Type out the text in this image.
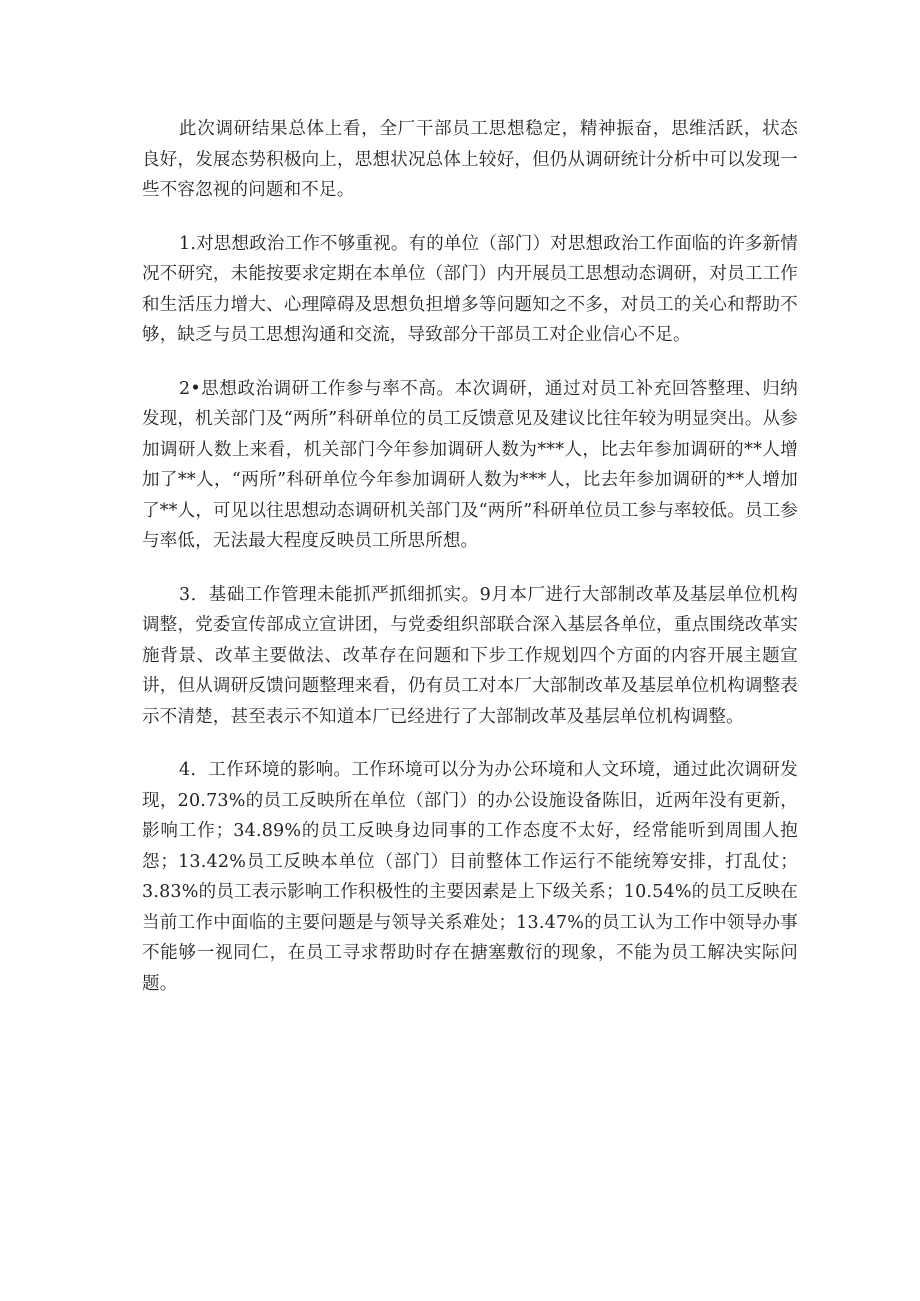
此次调研结果总体上看，全厂干部员工思想稳定，精神振奋，思维活跃，状态良好，发展态势积极向上，思想状况总体上较好，但仍从调研统计分析中可以发现一些不容忽视的问题和不足。

1.对思想政治工作不够重视。有的单位（部门）对思想政治工作面临的许多新情况不研究，未能按要求定期在本单位（部门）内开展员工思想动态调研，对员工工作和生活压力增大、心理障碍及思想负担增多等问题知之不多，对员工的关心和帮助不够，缺乏与员工思想沟通和交流，导致部分干部员工对企业信心不足。

2•思想政治调研工作参与率不高。本次调研，通过对员工补充回答整理、归纳发现，机关部门及“两所”科研单位的员工反馈意见及建议比往年较为明显突出。从参加调研人数上来看，机关部门今年参加调研人数为***人，比去年参加调研的**人增加了**人，“两所”科研单位今年参加调研人数为***人，比去年参加调研的**人增加了**人，可见以往思想动态调研机关部门及“两所”科研单位员工参与率较低。员工参与率低，无法最大程度反映员工所思所想。

3．基础工作管理未能抓严抓细抓实。9月本厂进行大部制改革及基层单位机构调整，党委宣传部成立宣讲团，与党委组织部联合深入基层各单位，重点围绕改革实施背景、改革主要做法、改革存在问题和下步工作规划四个方面的内容开展主题宣讲，但从调研反馈问题整理来看，仍有员工对本厂大部制改革及基层单位机构调整表示不清楚，甚至表示不知道本厂已经进行了大部制改革及基层单位机构调整。

4．工作环境的影响。工作环境可以分为办公环境和人文环境，通过此次调研发现，20.73%的员工反映所在单位（部门）的办公设施设备陈旧，近两年没有更新，影响工作；34.89%的员工反映身边同事的工作态度不太好，经常能听到周围人抱怨；13.42%员工反映本单位（部门）目前整体工作运行不能统筹安排，打乱仗；3.83%的员工表示影响工作积极性的主要因素是上下级关系；10.54%的员工反映在当前工作中面临的主要问题是与领导关系难处；13.47%的员工认为工作中领导办事不能够一视同仁，在员工寻求帮助时存在搪塞敷衍的现象，不能为员工解决实际问题。
